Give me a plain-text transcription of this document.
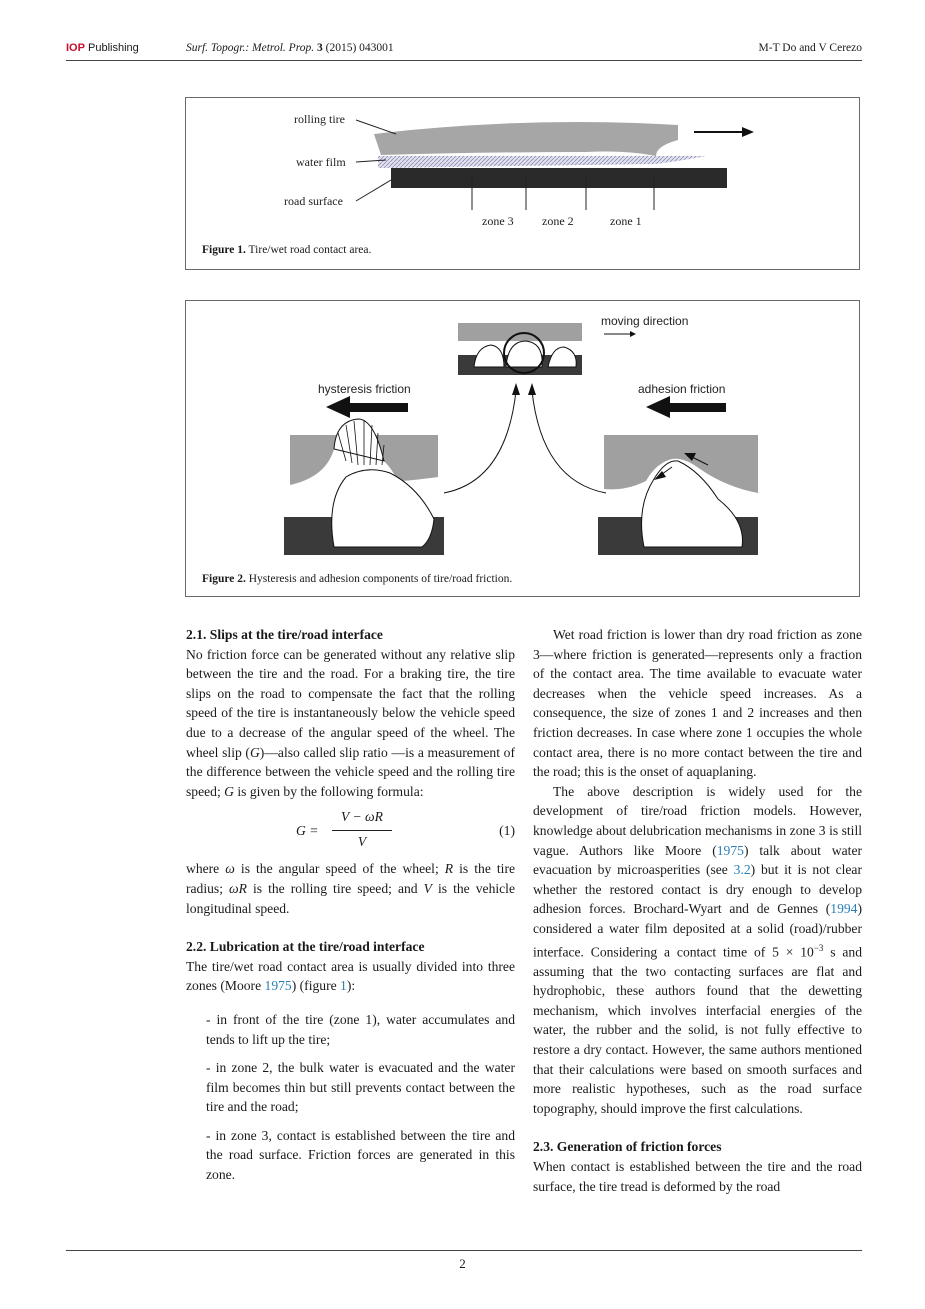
IOP Publishing	Surf. Topogr.: Metrol. Prop. 3 (2015) 043001	M-T Do and V Cerezo
rolling tire
water film
road surface
zone 3 zone 2	zone 1
Figure 1. Tire/wet road contact area.
moving direction
hysteresis friction	adhesion friction
Figure 2. Hysteresis and adhesion components of tire/road friction.
2.1. Slips at the tire/road interface

No friction force can be generated without any relative slip between the tire and the road. For a braking tire, the tire slips on the road to compensate the fact that the rolling speed of the tire is instantaneously below the vehicle speed due to a decrease of the angular speed of the wheel. The wheel slip (G)—also called slip ratio —is a measurement of the difference between the vehicle speed and the rolling tire speed; G is given by the following formula:

G =
V − ωR
V
(1)

where ω is the angular speed of the wheel; R is the tire radius; ωR is the rolling tire speed; and V is the vehicle longitudinal speed.

2.2. Lubrication at the tire/road interface

The tire/wet road contact area is usually divided into three zones (Moore 1975) (figure 1):

- in front of the tire (zone 1), water accumulates and tends to lift up the tire;

- in zone 2, the bulk water is evacuated and the water film becomes thin but still prevents contact between the tire and the road;

- in zone 3, contact is established between the tire and the road surface. Friction forces are generated in this zone.

Wet road friction is lower than dry road friction as zone 3—where friction is generated—represents only a fraction of the contact area. The time available to evacuate water decreases when the vehicle speed increases. As a consequence, the size of zones 1 and 2 increases and then friction decreases. In case where zone 1 occupies the whole contact area, there is no more contact between the tire and the road; this is the onset of aquaplaning.

The above description is widely used for the development of tire/road friction models. However, knowledge about delubrication mechanisms in zone 3 is still vague. Authors like Moore (1975) talk about water evacuation by microasperities (see 3.2) but it is not clear whether the restored contact is dry enough to develop adhesion forces. Brochard-Wyart and de Gennes (1994) considered a water film deposited at a solid (road)/rubber interface. Considering a contact time of $5 \times 10^{-3}$ s and assuming that the two contacting surfaces are flat and hydrophobic, these authors found that the dewetting mechanism, which involves interfacial energies of the water, the rubber and the solid, is not fully effective to restore a dry contact. However, the same authors mentioned that their calculations were based on smooth surfaces and more realistic hypotheses, such as the road surface topography, should improve the first calculations.

2.3. Generation of friction forces

When contact is established between the tire and the road surface, the tire tread is deformed by the road

2
